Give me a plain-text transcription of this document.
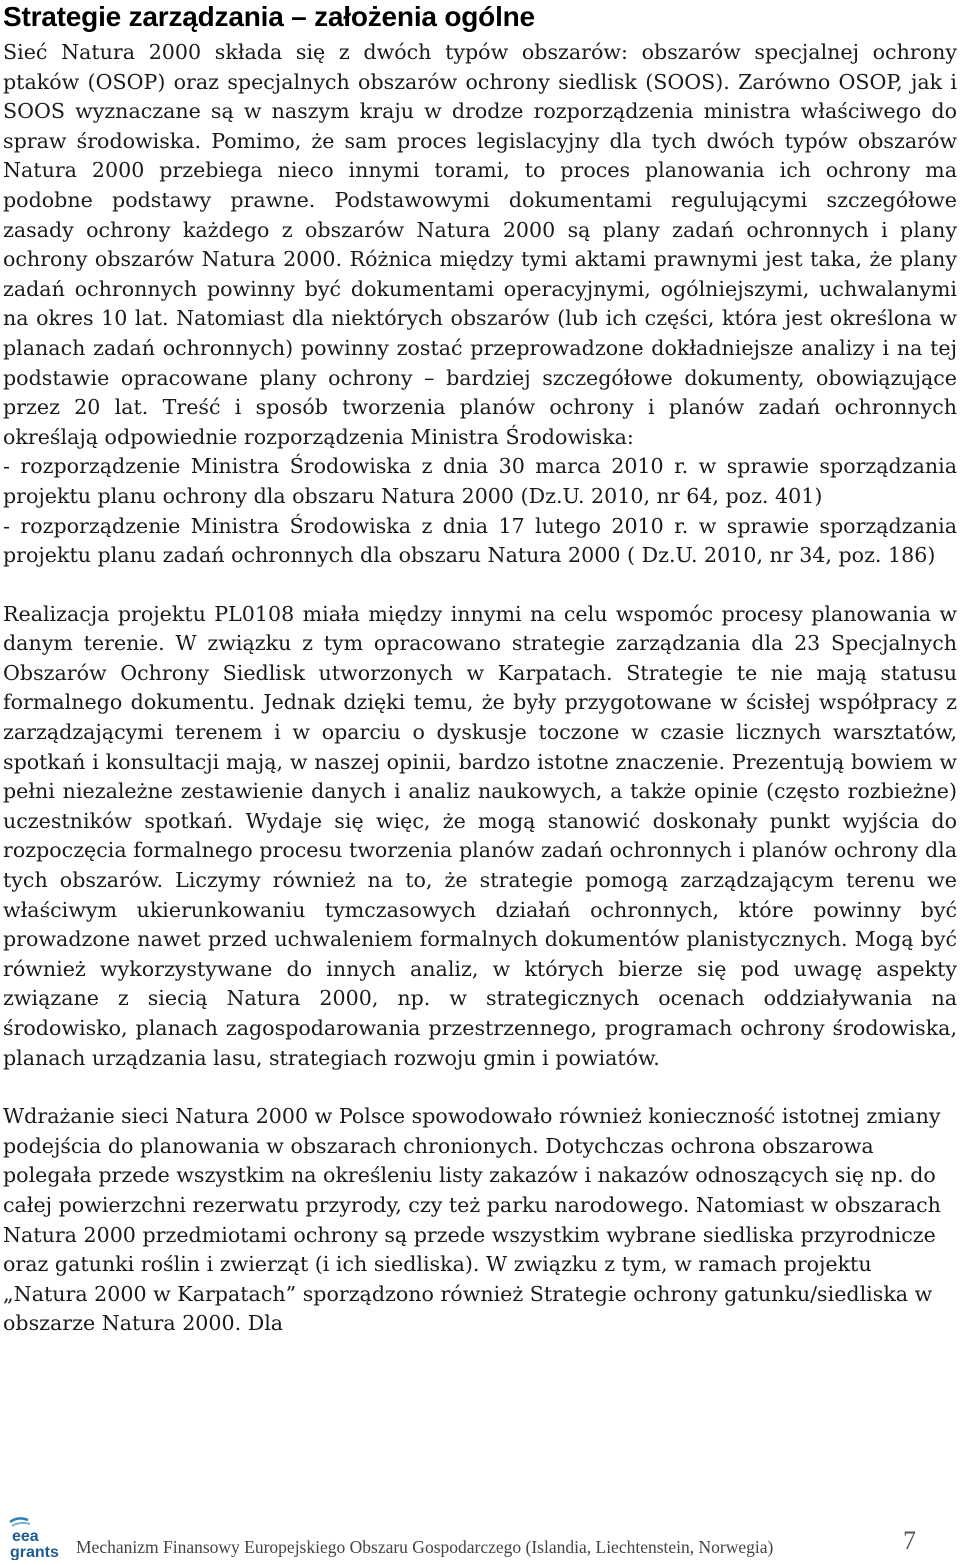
Strategie zarządzania – założenia ogólne

Sieć Natura 2000 składa się z dwóch typów obszarów: obszarów specjalnej ochrony ptaków (OSOP) oraz specjalnych obszarów ochrony siedlisk (SOOS). Zarówno OSOP, jak i SOOS wyznaczane są w naszym kraju w drodze rozporządzenia ministra właściwego do spraw środowiska. Pomimo, że sam proces legislacyjny dla tych dwóch typów obszarów Natura 2000 przebiega nieco innymi torami, to proces planowania ich ochrony ma podobne podstawy prawne. Podstawowymi dokumentami regulującymi szczegółowe zasady ochrony każdego z obszarów Natura 2000 są plany zadań ochronnych i plany ochrony obszarów Natura 2000. Różnica między tymi aktami prawnymi jest taka, że plany zadań ochronnych powinny być dokumentami operacyjnymi, ogólniejszymi, uchwalanymi na okres 10 lat. Natomiast dla niektórych obszarów (lub ich części, która jest określona w planach zadań ochronnych) powinny zostać przeprowadzone dokładniejsze analizy i na tej podstawie opracowane plany ochrony – bardziej szczegółowe dokumenty, obowiązujące przez 20 lat. Treść i sposób tworzenia planów ochrony i planów zadań ochronnych określają odpowiednie rozporządzenia Ministra Środowiska:

- rozporządzenie Ministra Środowiska z dnia 30 marca 2010 r. w sprawie sporządzania projektu planu ochrony dla obszaru Natura 2000 (Dz.U. 2010, nr 64, poz. 401)

- rozporządzenie Ministra Środowiska z dnia 17 lutego 2010 r. w sprawie sporządzania projektu planu zadań ochronnych dla obszaru Natura 2000 ( Dz.U. 2010, nr 34, poz. 186)

Realizacja projektu PL0108 miała między innymi na celu wspomóc procesy planowania w danym terenie. W związku z tym opracowano strategie zarządzania dla 23 Specjalnych Obszarów Ochrony Siedlisk utworzonych w Karpatach. Strategie te nie mają statusu formalnego dokumentu. Jednak dzięki temu, że były przygotowane w ścisłej współpracy z zarządzającymi terenem i w oparciu o dyskusje toczone w czasie licznych warsztatów, spotkań i konsultacji mają, w naszej opinii, bardzo istotne znaczenie. Prezentują bowiem w pełni niezależne zestawienie danych i analiz naukowych, a także opinie (często rozbieżne) uczestników spotkań. Wydaje się więc, że mogą stanowić doskonały punkt wyjścia do rozpoczęcia formalnego procesu tworzenia planów zadań ochronnych i planów ochrony dla tych obszarów. Liczymy również na to, że strategie pomogą zarządzającym terenu we właściwym ukierunkowaniu tymczasowych działań ochronnych, które powinny być prowadzone nawet przed uchwaleniem formalnych dokumentów planistycznych. Mogą być również wykorzystywane do innych analiz, w których bierze się pod uwagę aspekty związane z siecią Natura 2000, np. w strategicznych ocenach oddziaływania na środowisko, planach zagospodarowania przestrzennego, programach ochrony środowiska, planach urządzania lasu, strategiach rozwoju gmin i powiatów.

Wdrażanie sieci Natura 2000 w Polsce spowodowało również konieczność istotnej zmiany podejścia do planowania w obszarach chronionych. Dotychczas ochrona obszarowa polegała przede wszystkim na określeniu listy zakazów i nakazów odnoszących się np. do całej powierzchni rezerwatu przyrody, czy też parku narodowego. Natomiast w obszarach Natura 2000 przedmiotami ochrony są przede wszystkim wybrane siedliska przyrodnicze oraz gatunki roślin i zwierząt (i ich siedliska). W związku z tym, w ramach projektu „Natura 2000 w Karpatach” sporządzono również Strategie ochrony gatunku/siedliska w obszarze Natura 2000. Dla

eea
grants Mechanizm Finansowy Europejskiego Obszaru Gospodarczego (Islandia, Liechtenstein, Norwegia)	7
